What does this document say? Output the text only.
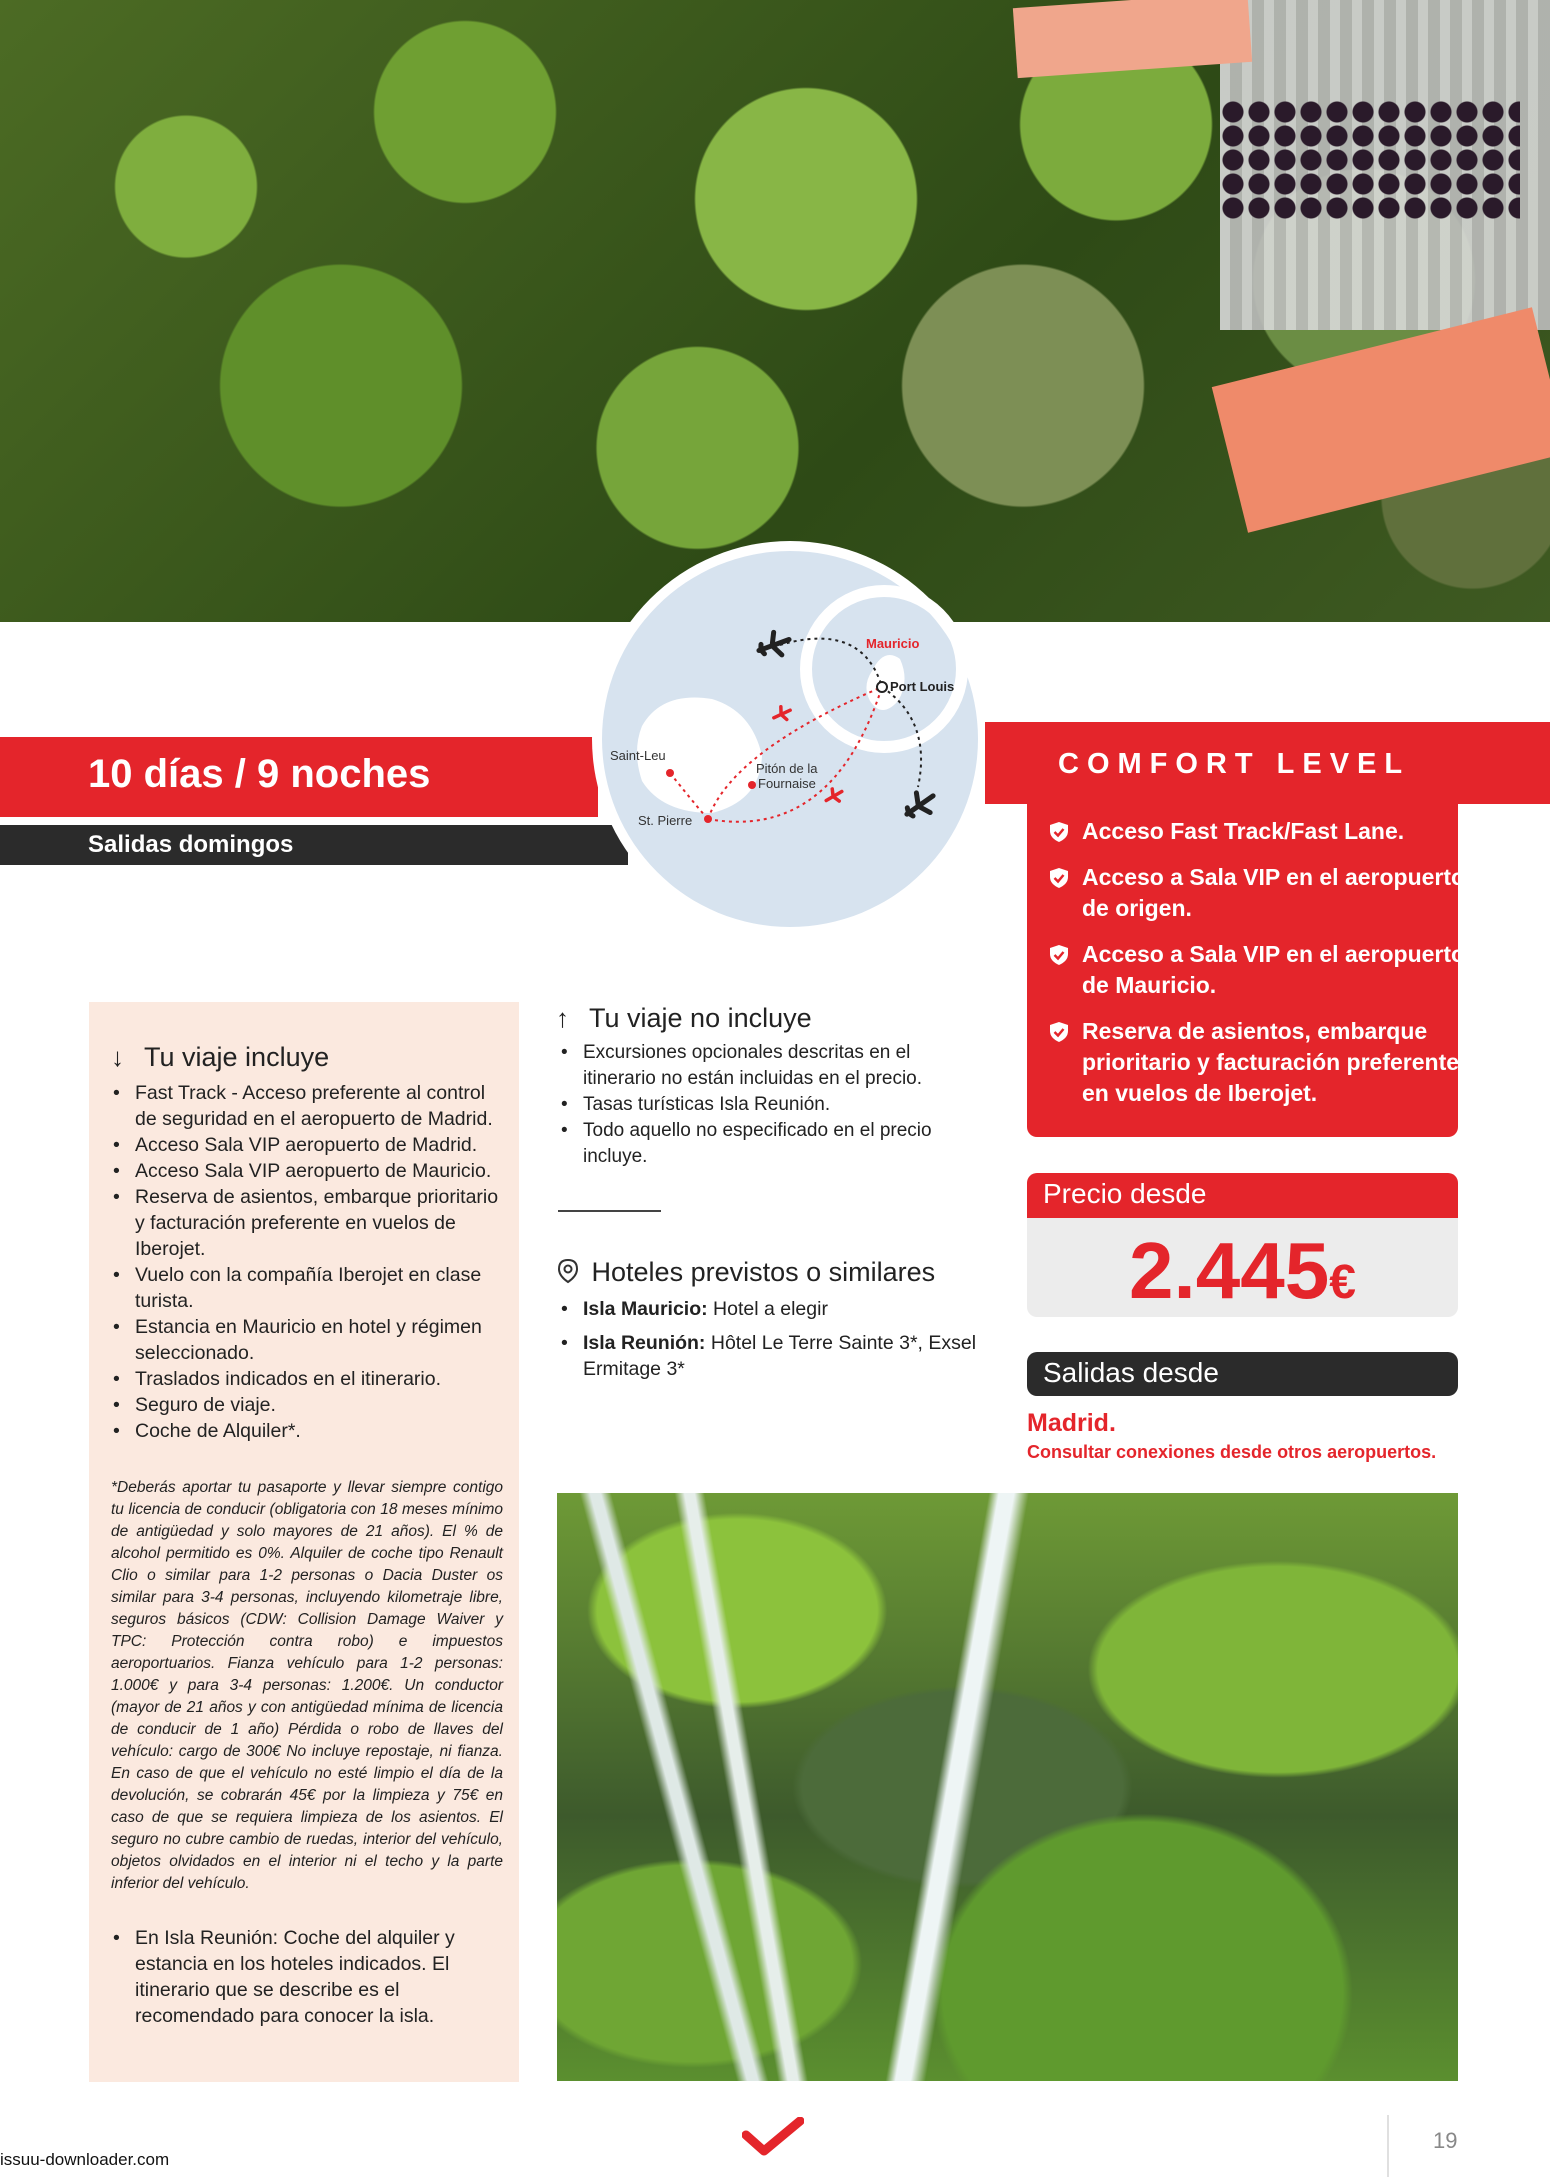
10 días / 9 noches
Salidas domingos
Mauricio
Port Louis
Saint-Leu
Pitón de la
Fournaise
St. Pierre
COMFORT LEVEL
Acceso Fast Track/Fast Lane.
Acceso a Sala VIP en el aeropuerto de origen.
Acceso a Sala VIP en el aeropuerto de Mauricio.
Reserva de asientos, embarque prioritario y facturación preferente en vuelos de Iberojet.
Precio desde
2.445€
Salidas desde
Madrid.
Consultar conexiones desde otros aeropuertos.
↓ Tu viaje incluye
• Fast Track - Acceso preferente al control de seguridad en el aeropuerto de Madrid.
• Acceso Sala VIP aeropuerto de Madrid.
• Acceso Sala VIP aeropuerto de Mauricio.
• Reserva de asientos, embarque prioritario y facturación preferente en vuelos de Iberojet.
• Vuelo con la compañía Iberojet en clase turista.
• Estancia en Mauricio en hotel y régimen seleccionado.
• Traslados indicados en el itinerario.
• Seguro de viaje.
• Coche de Alquiler*.
*Deberás aportar tu pasaporte y llevar siempre contigo tu licencia de conducir (obligatoria con 18 meses mínimo de antigüedad y solo mayores de 21 años). El % de alcohol permitido es 0%. Alquiler de coche tipo Renault Clio o similar para 1-2 personas o Dacia Duster os similar para 3-4 personas, incluyendo kilometraje libre, seguros básicos (CDW: Collision Damage Waiver y TPC: Protección contra robo) e impuestos aeroportuarios. Fianza vehículo para 1-2 personas: 1.000€ y para 3-4 personas: 1.200€. Un conductor (mayor de 21 años y con antigüedad mínima de licencia de conducir de 1 año) Pérdida o robo de llaves del vehículo: cargo de 300€ No incluye repostaje, ni fianza. En caso de que el vehículo no esté limpio el día de la devolución, se cobrarán 45€ por la limpieza y 75€ en caso de que se requiera limpieza de los asientos. El seguro no cubre cambio de ruedas, interior del vehículo, objetos olvidados en el interior ni el techo y la parte inferior del vehículo.
• En Isla Reunión: Coche del alquiler y estancia en los hoteles indicados. El itinerario que se describe es el recomendado para conocer la isla.
↑ Tu viaje no incluye
• Excursiones opcionales descritas en el itinerario no están incluidas en el precio.
• Tasas turísticas Isla Reunión.
• Todo aquello no especificado en el precio incluye.
Hoteles previstos o similares
• Isla Mauricio: Hotel a elegir
• Isla Reunión: Hôtel Le Terre Sainte 3*, Exsel Ermitage 3*
19
issuu-downloader.com
